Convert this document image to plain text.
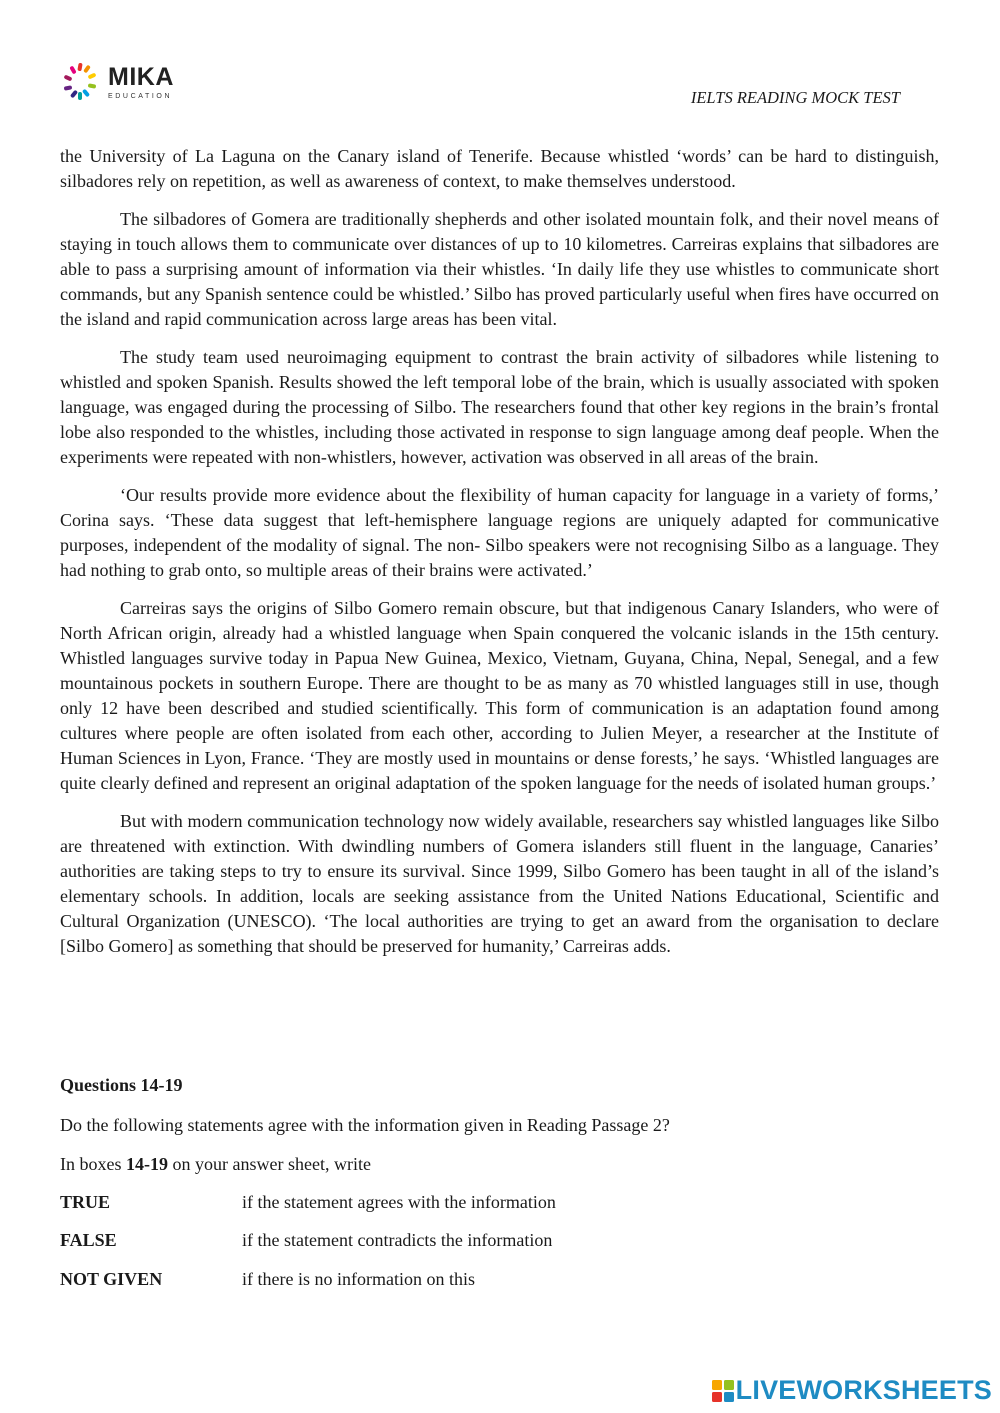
MIKA
EDUCATION	IELTS READING MOCK TEST

the University of La Laguna on the Canary island of Tenerife. Because whistled ‘words’ can be hard to distinguish, silbadores rely on repetition, as well as awareness of context, to make themselves understood.

The silbadores of Gomera are traditionally shepherds and other isolated mountain folk, and their novel means of staying in touch allows them to communicate over distances of up to 10 kilometres. Carreiras explains that silbadores are able to pass a surprising amount of information via their whistles. ‘In daily life they use whistles to communicate short commands, but any Spanish sentence could be whistled.’ Silbo has proved particularly useful when fires have occurred on the island and rapid communication across large areas has been vital.

The study team used neuroimaging equipment to contrast the brain activity of silbadores while listening to whistled and spoken Spanish. Results showed the left temporal lobe of the brain, which is usually associated with spoken language, was engaged during the processing of Silbo. The researchers found that other key regions in the brain’s frontal lobe also responded to the whistles, including those activated in response to sign language among deaf people. When the experiments were repeated with non-whistlers, however, activation was observed in all areas of the brain.

‘Our results provide more evidence about the flexibility of human capacity for language in a variety of forms,’ Corina says. ‘These data suggest that left-hemisphere language regions are uniquely adapted for communicative purposes, independent of the modality of signal. The non- Silbo speakers were not recognising Silbo as a language. They had nothing to grab onto, so multiple areas of their brains were activated.’

Carreiras says the origins of Silbo Gomero remain obscure, but that indigenous Canary Islanders, who were of North African origin, already had a whistled language when Spain conquered the volcanic islands in the 15th century. Whistled languages survive today in Papua New Guinea, Mexico, Vietnam, Guyana, China, Nepal, Senegal, and a few mountainous pockets in southern Europe. There are thought to be as many as 70 whistled languages still in use, though only 12 have been described and studied scientifically. This form of communication is an adaptation found among cultures where people are often isolated from each other, according to Julien Meyer, a researcher at the Institute of Human Sciences in Lyon, France. ‘They are mostly used in mountains or dense forests,’ he says. ‘Whistled languages are quite clearly defined and represent an original adaptation of the spoken language for the needs of isolated human groups.’

But with modern communication technology now widely available, researchers say whistled languages like Silbo are threatened with extinction. With dwindling numbers of Gomera islanders still fluent in the language, Canaries’ authorities are taking steps to try to ensure its survival. Since 1999, Silbo Gomero has been taught in all of the island’s elementary schools. In addition, locals are seeking assistance from the United Nations Educational, Scientific and Cultural Organization (UNESCO). ‘The local authorities are trying to get an award from the organisation to declare [Silbo Gomero] as something that should be preserved for humanity,’ Carreiras adds.

Questions 14-19
Do the following statements agree with the information given in Reading Passage 2?
In boxes 14-19 on your answer sheet, write
TRUE	if the statement agrees with the information
FALSE	if the statement contradicts the information
NOT GIVEN	if there is no information on this
LIVEWORKSHEETS
